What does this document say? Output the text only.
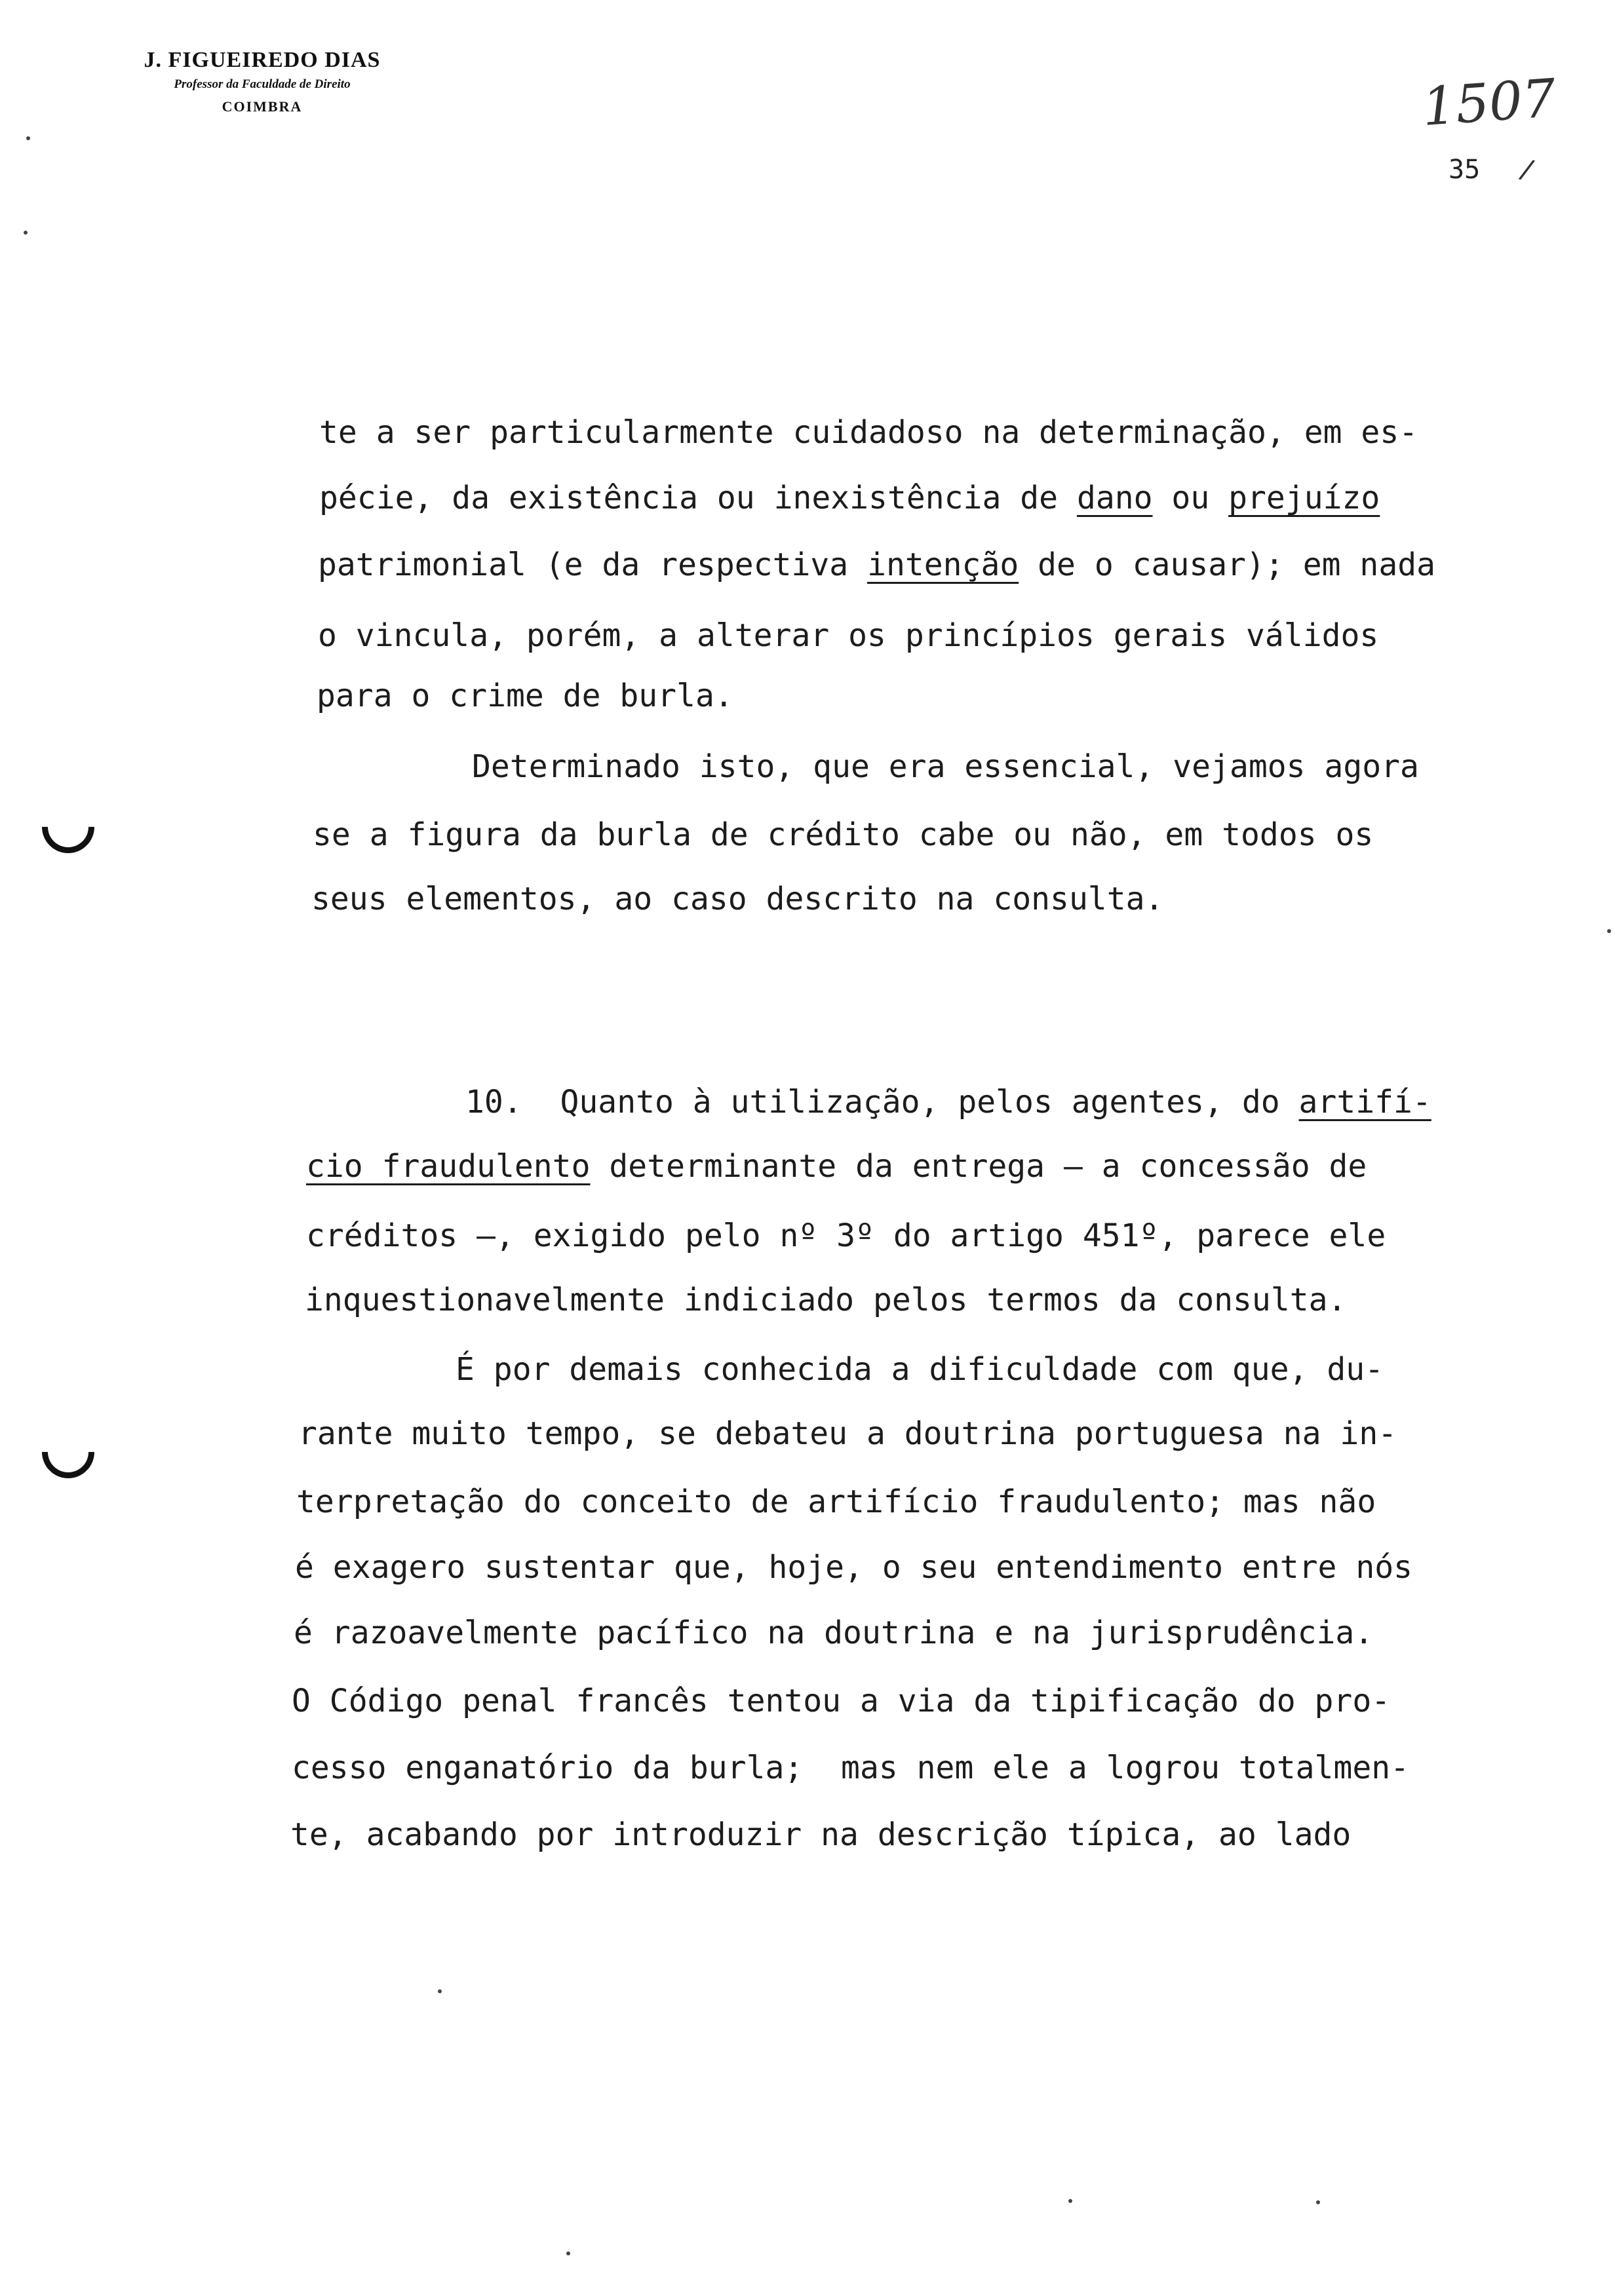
J. FIGUEIREDO DIAS
Professor da Faculdade de Direito
COIMBRA	1507
35 /
te a ser particularmente cuidadoso na determinação, em es-
pécie, da existência ou inexistência de dano ou prejuízo
patrimonial (e da respectiva intenção de o causar); em nada
o vincula, porém, a alterar os princípios gerais válidos
para o crime de burla.
Determinado isto, que era essencial, vejamos agora
se a figura da burla de crédito cabe ou não, em todos os
seus elementos, ao caso descrito na consulta.
10.  Quanto à utilização, pelos agentes, do artifí-
cio fraudulento determinante da entrega — a concessão de
créditos —, exigido pelo nº 3º do artigo 451º, parece ele
inquestionavelmente indiciado pelos termos da consulta.
É por demais conhecida a dificuldade com que, du-
rante muito tempo, se debateu a doutrina portuguesa na in-
terpretação do conceito de artifício fraudulento; mas não
é exagero sustentar que, hoje, o seu entendimento entre nós
é razoavelmente pacífico na doutrina e na jurisprudência.
O Código penal francês tentou a via da tipificação do pro-
cesso enganatório da burla;  mas nem ele a logrou totalmen-
te, acabando por introduzir na descrição típica, ao lado
